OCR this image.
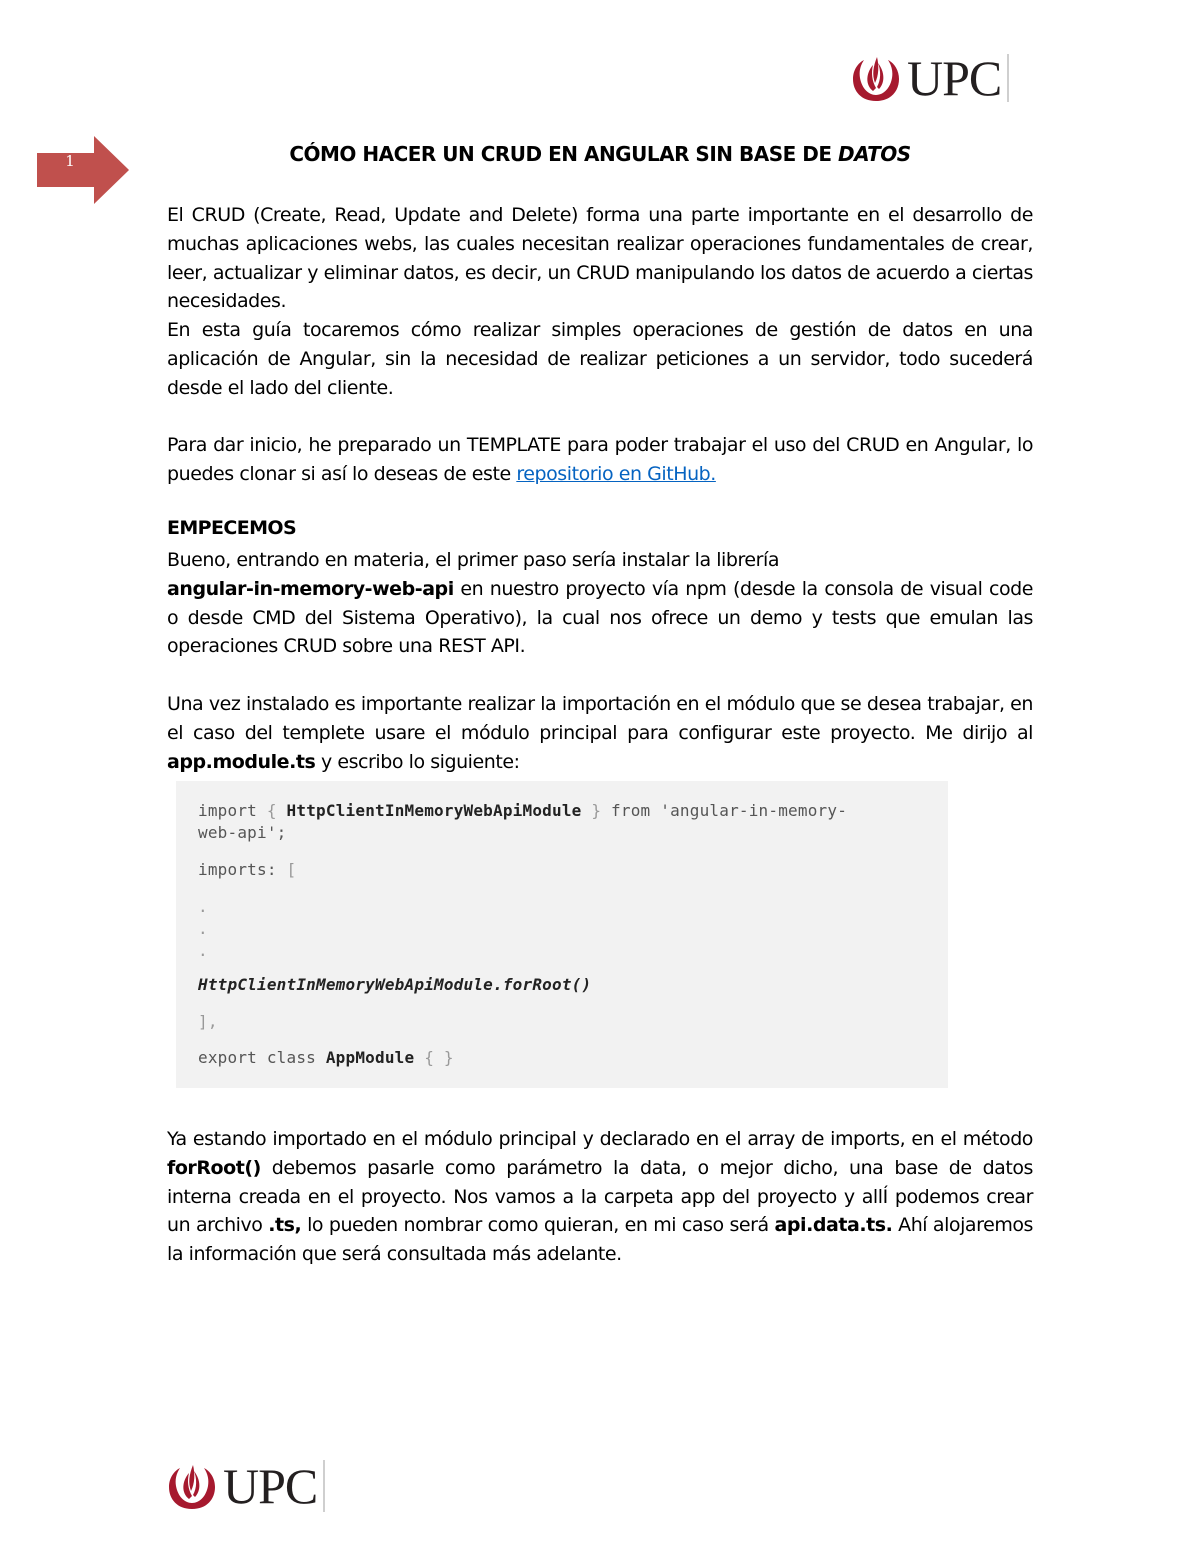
1
UPC
CÓMO HACER UN CRUD EN ANGULAR SIN BASE DE DATOS
El CRUD (Create, Read, Update and Delete) forma una parte importante en el desarrollo de muchas aplicaciones webs, las cuales necesitan realizar operaciones fundamentales de crear, leer, actualizar y eliminar datos, es decir, un CRUD manipulando los datos de acuerdo a ciertas necesidades.
En esta guía tocaremos cómo realizar simples operaciones de gestión de datos en una aplicación de Angular, sin la necesidad de realizar peticiones a un servidor, todo sucederá desde el lado del cliente.
Para dar inicio, he preparado un TEMPLATE para poder trabajar el uso del CRUD en Angular, lo puedes clonar si así lo deseas de este repositorio en GitHub.
EMPECEMOS
Bueno, entrando en materia, el primer paso sería instalar la librería
angular-in-memory-web-api en nuestro proyecto vía npm (desde la consola de visual code o desde CMD del Sistema Operativo), la cual nos ofrece un demo y tests que emulan las operaciones CRUD sobre una REST API.
Una vez instalado es importante realizar la importación en el módulo que se desea trabajar, en el caso del templete usare el módulo principal para configurar este proyecto. Me dirijo al app.module.ts y escribo lo siguiente:
import { HttpClientInMemoryWebApiModule } from 'angular-in-memory-
web-api';
imports: [
.
.
.
HttpClientInMemoryWebApiModule.forRoot()
],
export class AppModule { }
Ya estando importado en el módulo principal y declarado en el array de imports, en el método forRoot() debemos pasarle como parámetro la data, o mejor dicho, una base de datos interna creada en el proyecto. Nos vamos a la carpeta app del proyecto y allÍ podemos crear un archivo .ts, lo pueden nombrar como quieran, en mi caso será api.data.ts. Ahí alojaremos la información que será consultada más adelante.
UPC
